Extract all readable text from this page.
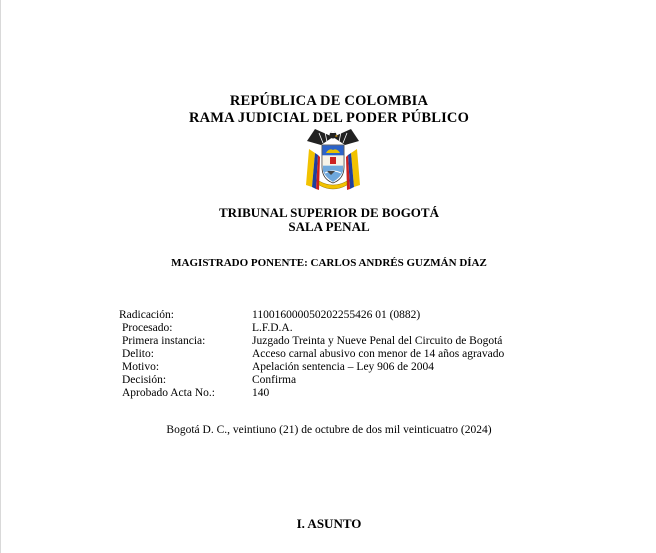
REPÚBLICA DE COLOMBIA
RAMA JUDICIAL DEL PODER PÚBLICO
TRIBUNAL SUPERIOR DE BOGOTÁ
SALA PENAL
MAGISTRADO PONENTE: CARLOS ANDRÉS GUZMÁN DÍAZ
Radicación:	110016000050202255426 01 (0882)
Procesado:	L.F.D.A.
Primera instancia:	Juzgado Treinta y Nueve Penal del Circuito de Bogotá
Delito:	Acceso carnal abusivo con menor de 14 años agravado
Motivo:	Apelación sentencia – Ley 906 de 2004
Decisión:	Confirma
Aprobado Acta No.:	140
Bogotá D. C., veintiuno (21) de octubre de dos mil veinticuatro (2024)
I. ASUNTO
